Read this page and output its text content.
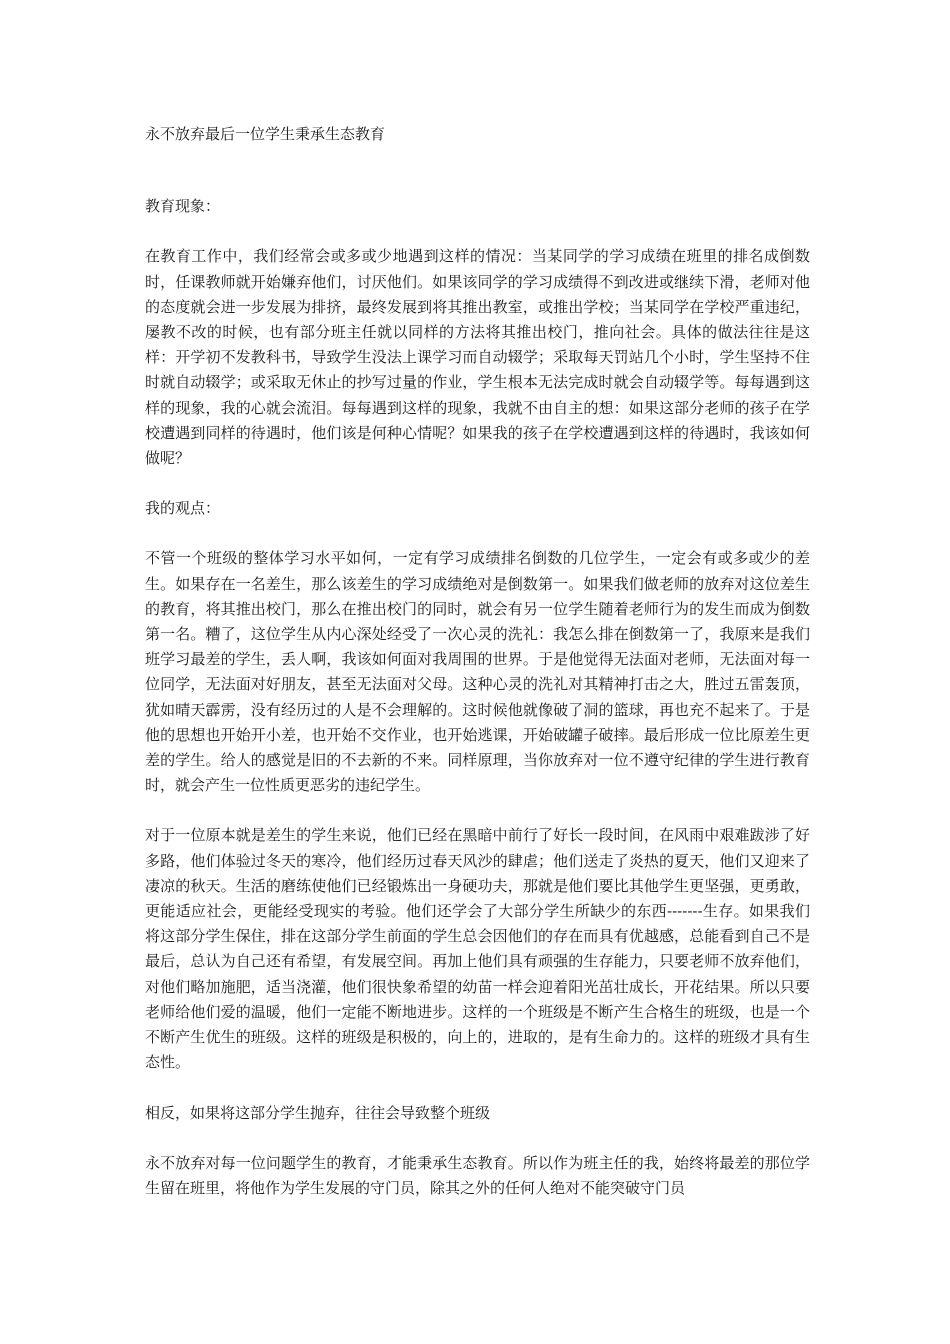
永不放弃最后一位学生秉承生态教育

教育现象：

在教育工作中，我们经常会或多或少地遇到这样的情况：当某同学的学习成绩在班里的排名成倒数时，任课教师就开始嫌弃他们，讨厌他们。如果该同学的学习成绩得不到改进或继续下滑，老师对他的态度就会进一步发展为排挤，最终发展到将其推出教室，或推出学校；当某同学在学校严重违纪，屡教不改的时候，也有部分班主任就以同样的方法将其推出校门，推向社会。具体的做法往往是这样：开学初不发教科书，导致学生没法上课学习而自动辍学；采取每天罚站几个小时，学生坚持不住时就自动辍学；或采取无休止的抄写过量的作业，学生根本无法完成时就会自动辍学等。每每遇到这样的现象，我的心就会流泪。每每遇到这样的现象，我就不由自主的想：如果这部分老师的孩子在学校遭遇到同样的待遇时，他们该是何种心情呢？如果我的孩子在学校遭遇到这样的待遇时，我该如何做呢？

我的观点：

不管一个班级的整体学习水平如何，一定有学习成绩排名倒数的几位学生，一定会有或多或少的差生。如果存在一名差生，那么该差生的学习成绩绝对是倒数第一。如果我们做老师的放弃对这位差生的教育，将其推出校门，那么在推出校门的同时，就会有另一位学生随着老师行为的发生而成为倒数第一名。糟了，这位学生从内心深处经受了一次心灵的洗礼：我怎么排在倒数第一了，我原来是我们班学习最差的学生，丢人啊，我该如何面对我周围的世界。于是他觉得无法面对老师，无法面对每一位同学，无法面对好朋友，甚至无法面对父母。这种心灵的洗礼对其精神打击之大，胜过五雷轰顶，犹如晴天霹雳，没有经历过的人是不会理解的。这时候他就像破了洞的篮球，再也充不起来了。于是他的思想也开始开小差，也开始不交作业，也开始逃课，开始破罐子破摔。最后形成一位比原差生更差的学生。给人的感觉是旧的不去新的不来。同样原理，当你放弃对一位不遵守纪律的学生进行教育时，就会产生一位性质更恶劣的违纪学生。

对于一位原本就是差生的学生来说，他们已经在黑暗中前行了好长一段时间，在风雨中艰难跋涉了好多路，他们体验过冬天的寒冷，他们经历过春天风沙的肆虐；他们送走了炎热的夏天，他们又迎来了凄凉的秋天。生活的磨练使他们已经锻炼出一身硬功夫，那就是他们要比其他学生更坚强，更勇敢，更能适应社会，更能经受现实的考验。他们还学会了大部分学生所缺少的东西-------生存。如果我们将这部分学生保住，排在这部分学生前面的学生总会因他们的存在而具有优越感，总能看到自己不是最后，总认为自己还有希望，有发展空间。再加上他们具有顽强的生存能力，只要老师不放弃他们，对他们略加施肥，适当浇灌，他们很快象希望的幼苗一样会迎着阳光茁壮成长，开花结果。所以只要老师给他们爱的温暖，他们一定能不断地进步。这样的一个班级是不断产生合格生的班级，也是一个不断产生优生的班级。这样的班级是积极的，向上的，进取的，是有生命力的。这样的班级才具有生态性。

相反，如果将这部分学生抛弃，往往会导致整个班级

永不放弃对每一位问题学生的教育，才能秉承生态教育。所以作为班主任的我，始终将最差的那位学生留在班里，将他作为学生发展的守门员，除其之外的任何人绝对不能突破守门员
